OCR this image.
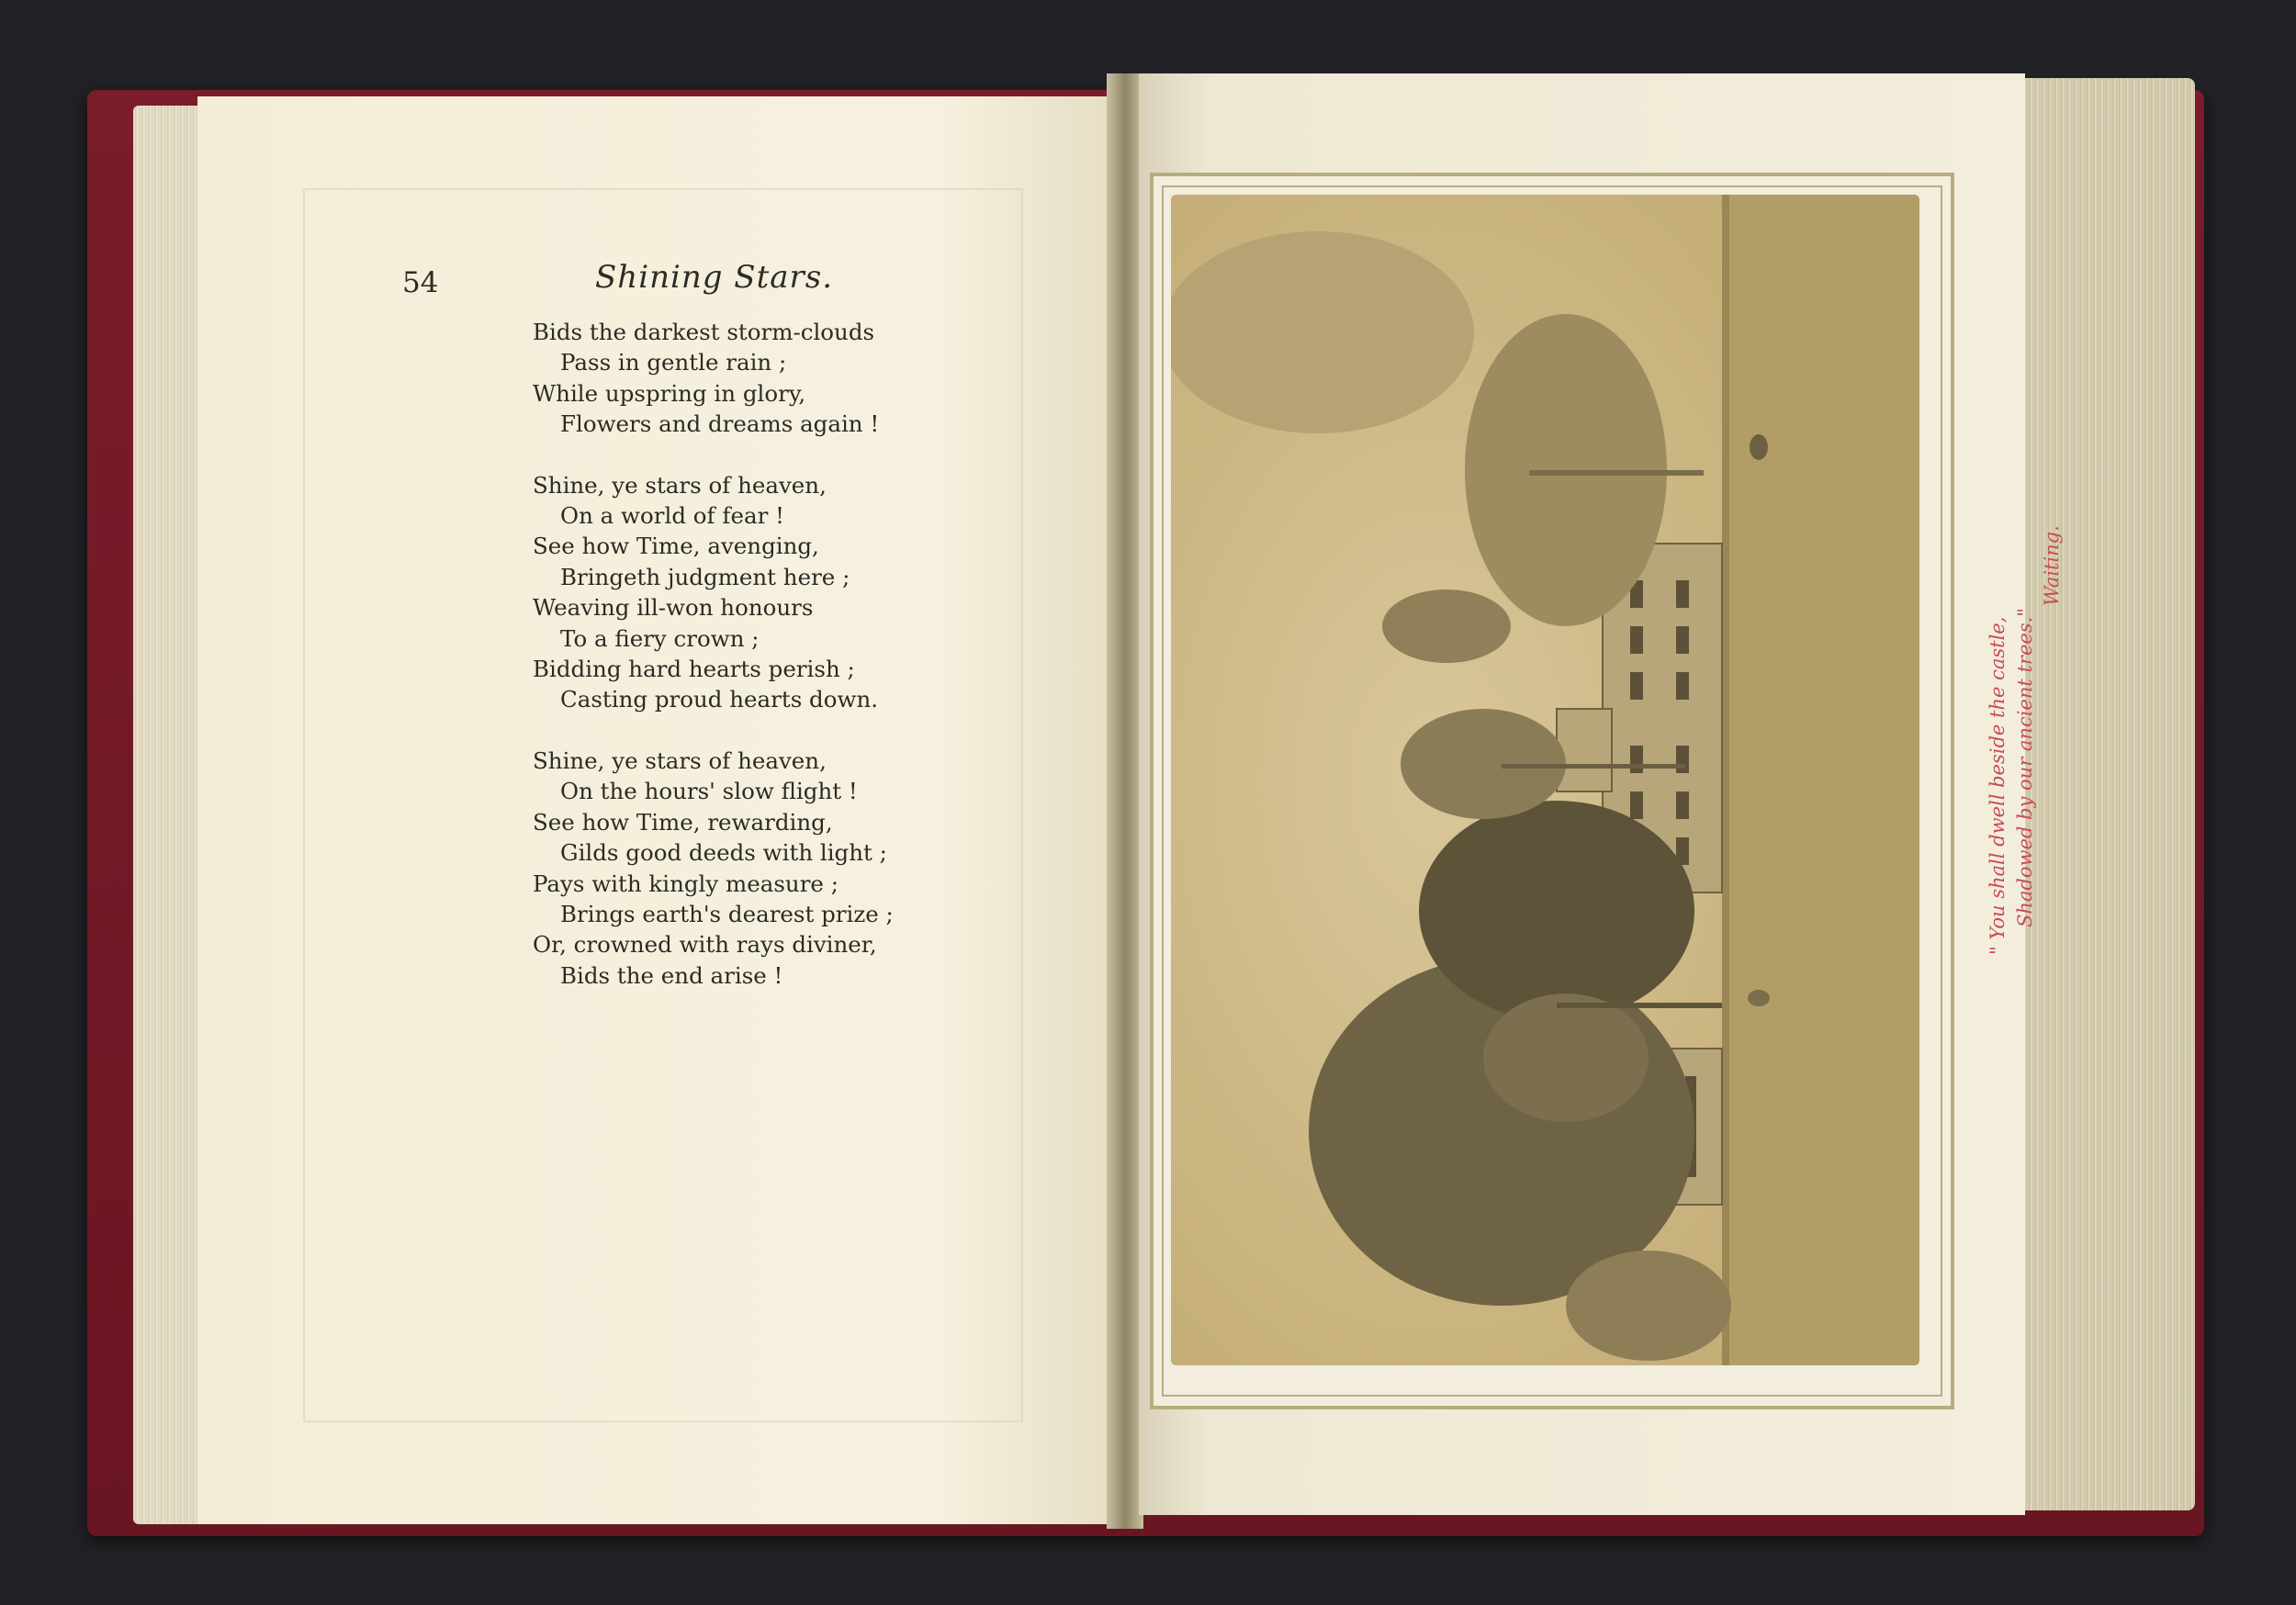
54	Shining Stars.
Bids the darkest storm-clouds
Pass in gentle rain ;
While upspring in glory,
Flowers and dreams again !
Shine, ye stars of heaven,
On a world of fear !
See how Time, avenging,
Bringeth judgment here ;
Weaving ill-won honours
To a fiery crown ;
Bidding hard hearts perish ;
Casting proud hearts down.
Shine, ye stars of heaven,
On the hours' slow flight !
See how Time, rewarding,
Gilds good deeds with light ;
Pays with kingly measure ;
Brings earth's dearest prize ;
Or, crowned with rays diviner,
Bids the end arise !
" You shall dwell beside the castle, Shadowed by our ancient trees."
Waiting.
